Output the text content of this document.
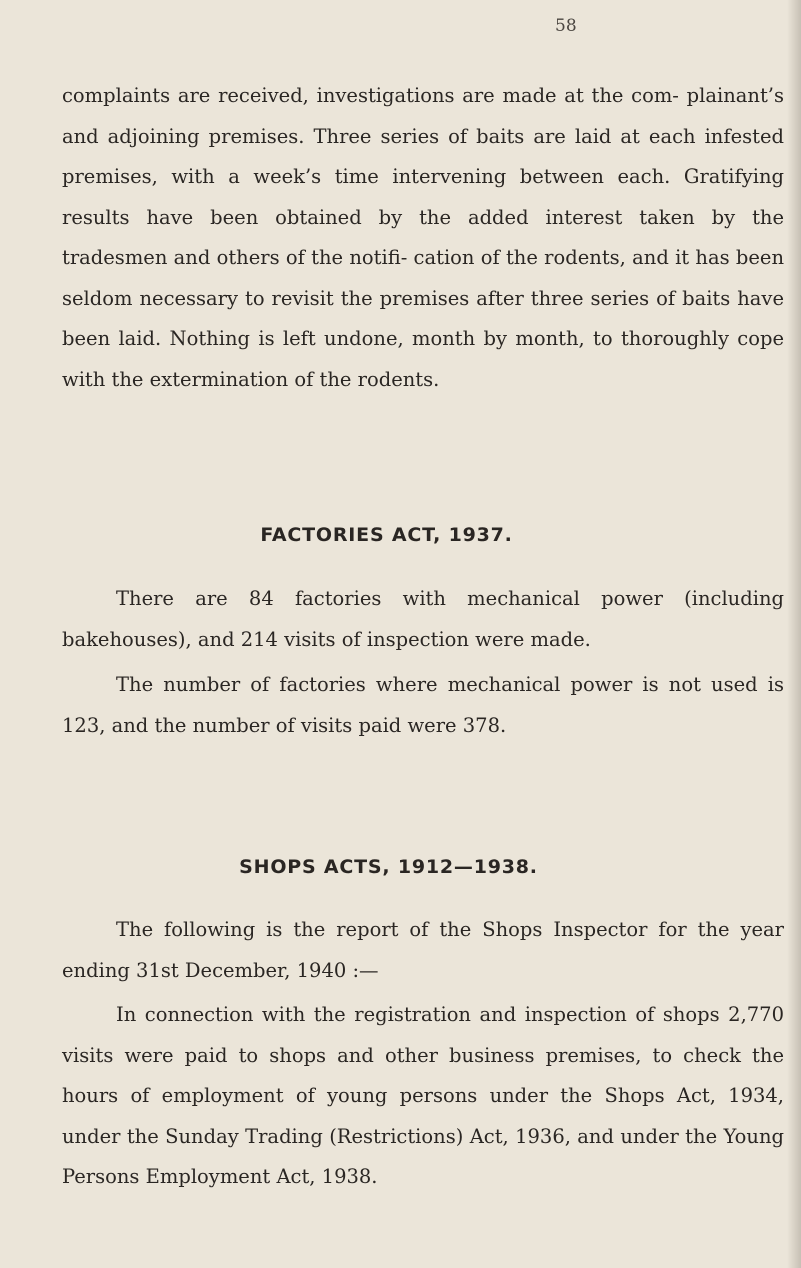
58

complaints are received, investigations are made at the com- plainant’s and adjoining premises. Three series of baits are laid at each infested premises, with a week’s time intervening between each. Gratifying results have been obtained by the added interest taken by the tradesmen and others of the notifi- cation of the rodents, and it has been seldom necessary to revisit the premises after three series of baits have been laid. Nothing is left undone, month by month, to thoroughly cope with the extermination of the rodents.

FACTORIES ACT, 1937.

There are 84 factories with mechanical power (including bakehouses), and 214 visits of inspection were made.

The number of factories where mechanical power is not used is 123, and the number of visits paid were 378.

SHOPS ACTS, 1912—1938.

The following is the report of the Shops Inspector for the year ending 31st December, 1940 :—

In connection with the registration and inspection of shops 2,770 visits were paid to shops and other business premises, to check the hours of employment of young persons under the Shops Act, 1934, under the Sunday Trading (Restrictions) Act, 1936, and under the Young Persons Employment Act, 1938.
